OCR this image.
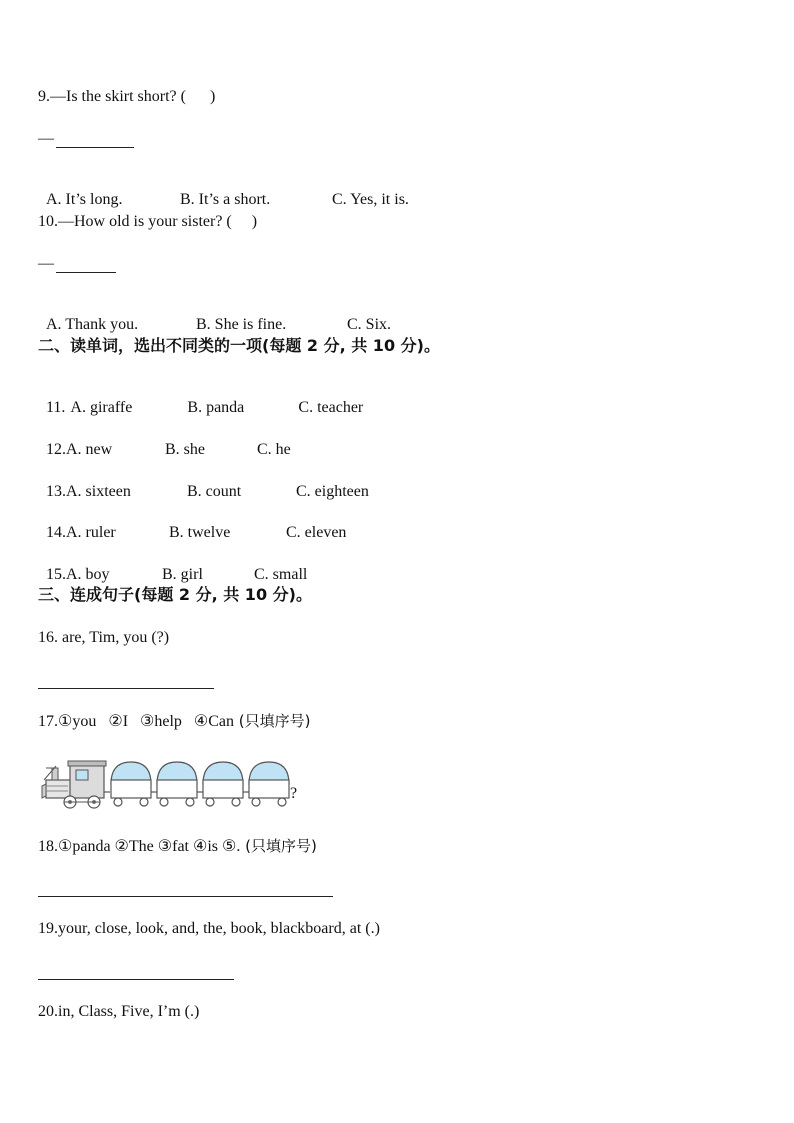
9.—Is the skirt short? (      )
—

A. It’s long.	B. It’s a short.	C. Yes, it is.

10.—How old is your sister? (     )
—

A. Thank you.	B. She is fine.	C. Six.

二、读单词，选出不同类的一项(每题 2 分, 共 10 分)。

11. A. giraffe	B. panda	C. teacher

12.A. new	B. she	C. he

13.A. sixteen	B. count	C. eighteen

14.A. ruler	B. twelve	C. eleven

15.A. boy	B. girl	C. small

三、连成句子(每题 2 分, 共 10 分)。
16. are, Tim, you (?)
17.①you   ②I   ③help   ④Can (只填序号)
?
18.①panda ②The ③fat ④is ⑤. (只填序号)
19.your, close, look, and, the, book, blackboard, at (.)
20.in, Class, Five, I’m (.)
